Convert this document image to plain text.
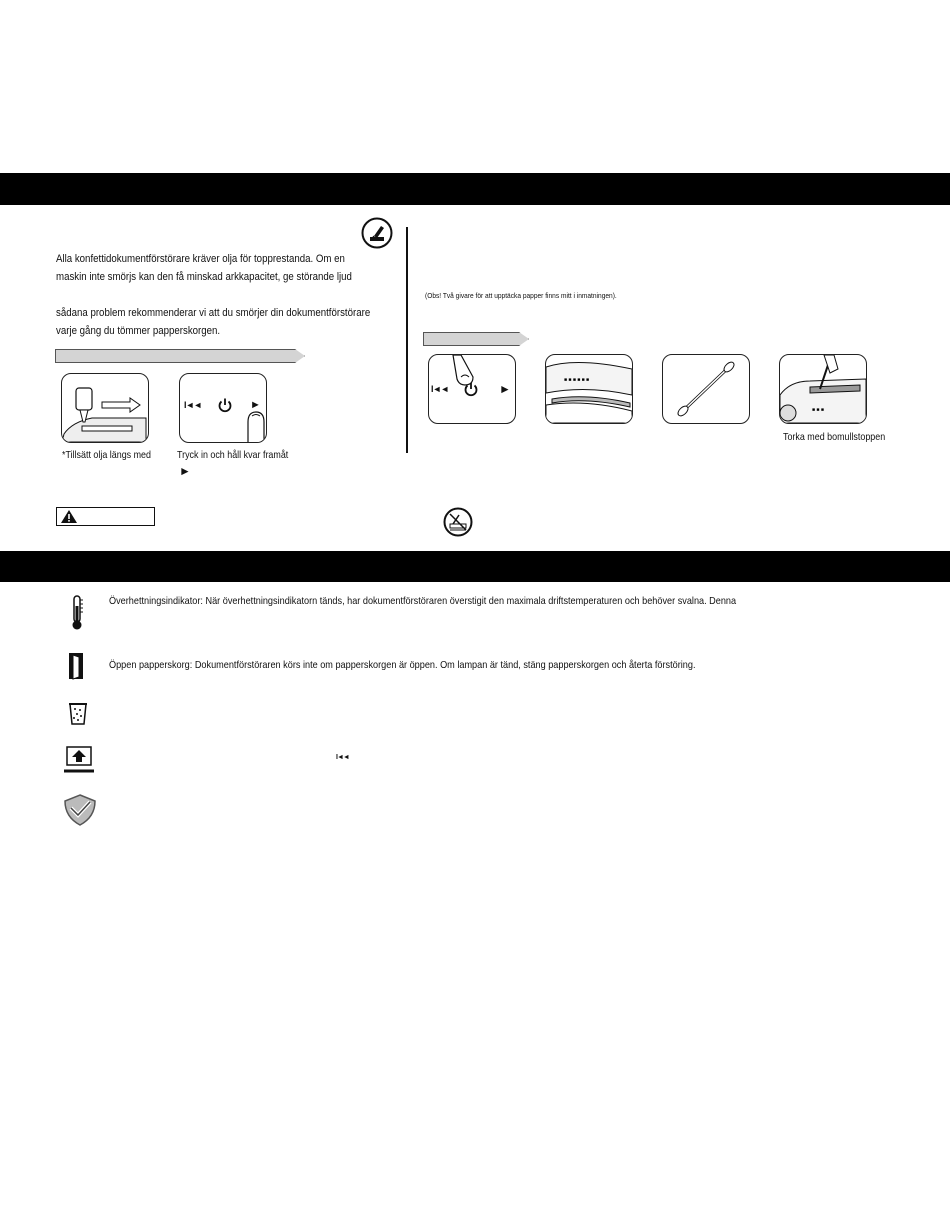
Alla konfettidokumentförstörare kräver olja för topprestanda. Om en
maskin inte smörjs kan den få minskad arkkapacitet, ge störande ljud
sådana problem rekommenderar vi att du smörjer din dokumentförstörare
varje gång du tömmer papperskorgen.
I◄◄	►
*Tillsätt olja längs med Tryck in och håll kvar framåt
►
(Obs! Två givare för att upptäcka papper finns mitt i inmatningen).
I◄◄	►
■ ■ ■ ■ ■ ■
■ ■ ■
Torka med bomullstoppen
Överhettningsindikator: När överhettningsindikatorn tänds, har dokumentförstöraren överstigit den maximala driftstemperaturen och behöver svalna. Denna
Öppen papperskorg: Dokumentförstöraren körs inte om papperskorgen är öppen. Om lampan är tänd, stäng papperskorgen och återta förstöring.
I◄◄
